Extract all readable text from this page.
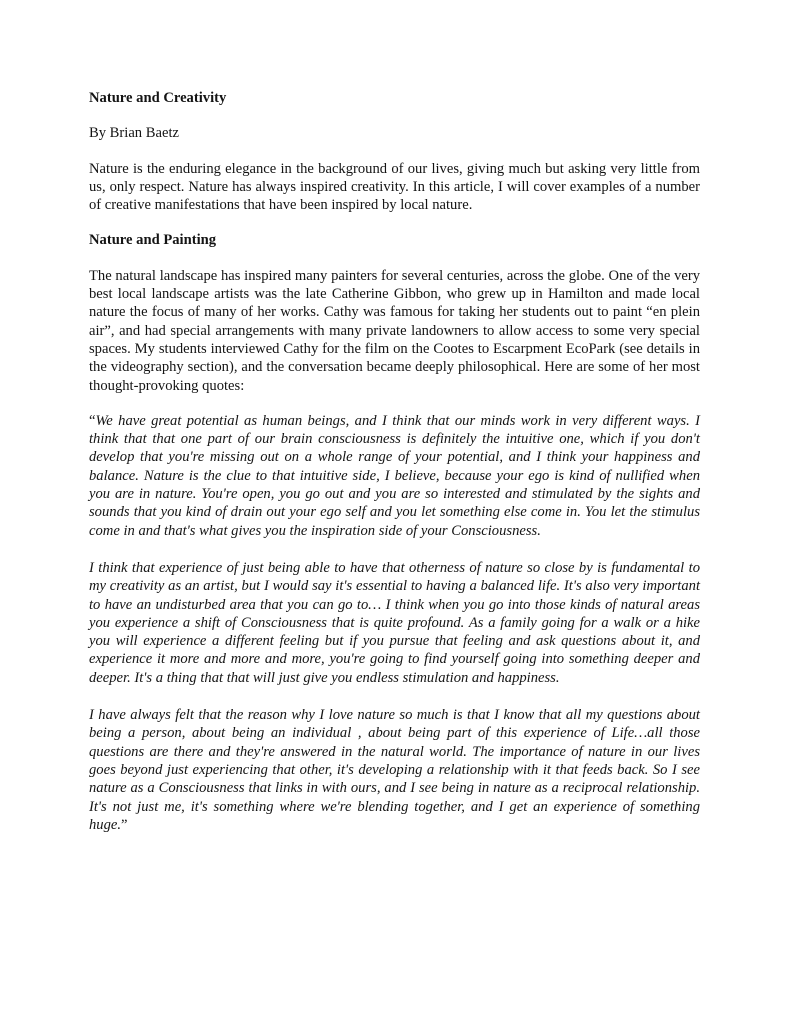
Nature and Creativity

By Brian Baetz

Nature is the enduring elegance in the background of our lives, giving much but asking very little from us, only respect. Nature has always inspired creativity. In this article, I will cover examples of a number of creative manifestations that have been inspired by local nature.

Nature and Painting

The natural landscape has inspired many painters for several centuries, across the globe. One of the very best local landscape artists was the late Catherine Gibbon, who grew up in Hamilton and made local nature the focus of many of her works. Cathy was famous for taking her students out to paint “en plein air”, and had special arrangements with many private landowners to allow access to some very special spaces. My students interviewed Cathy for the film on the Cootes to Escarpment EcoPark (see details in the videography section), and the conversation became deeply philosophical. Here are some of her most thought-provoking quotes:

“We have great potential as human beings, and I think that our minds work in very different ways. I think that that one part of our brain consciousness is definitely the intuitive one, which if you don't develop that you're missing out on a whole range of your potential, and I think your happiness and balance. Nature is the clue to that intuitive side, I believe, because your ego is kind of nullified when you are in nature. You're open, you go out and you are so interested and stimulated by the sights and sounds that you kind of drain out your ego self and you let something else come in. You let the stimulus come in and that's what gives you the inspiration side of your Consciousness.

I think that experience of just being able to have that otherness of nature so close by is fundamental to my creativity as an artist, but I would say it's essential to having a balanced life. It's also very important to have an undisturbed area that you can go to… I think when you go into those kinds of natural areas you experience a shift of Consciousness that is quite profound. As a family going for a walk or a hike you will experience a different feeling but if you pursue that feeling and ask questions about it, and experience it more and more and more, you're going to find yourself going into something deeper and deeper. It's a thing that that will just give you endless stimulation and happiness.

I have always felt that the reason why I love nature so much is that I know that all my questions about being a person, about being an individual , about being part of this experience of Life…all those questions are there and they're answered in the natural world. The importance of nature in our lives goes beyond just experiencing that other, it's developing a relationship with it that feeds back. So I see nature as a Consciousness that links in with ours, and I see being in nature as a reciprocal relationship. It's not just me, it's something where we're blending together, and I get an experience of something huge.”
